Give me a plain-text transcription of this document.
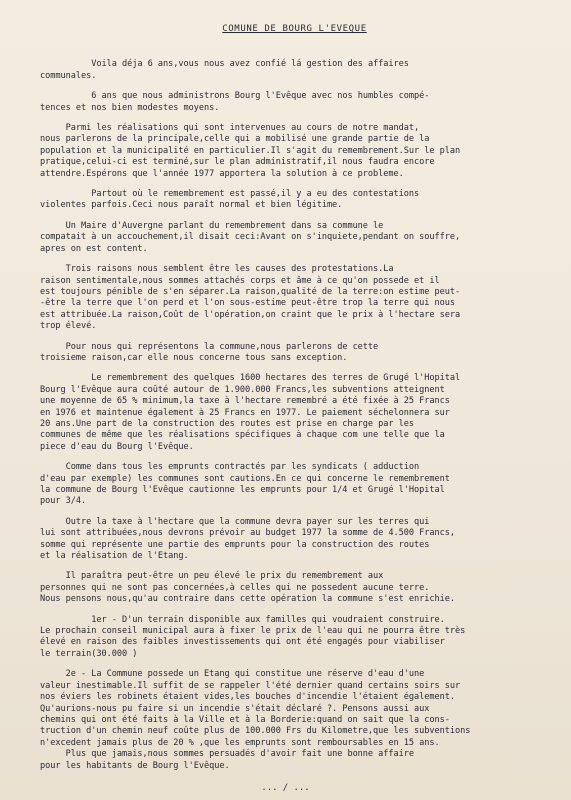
COMUNE DE BOURG L'EVEQUE
Voila déja 6 ans,vous nous avez confié lá gestion des affaires
communales.
6 ans que nous administrons Bourg l'Evêque avec nos humbles compé-
tences et nos bien modestes moyens.
Parmi les réalisations qui sont intervenues au cours de notre mandat,
nous parlerons de la principale,celle qui a mobilisé une grande partie de la
population et la municipalité en particulier.Il s'agit du remembrement.Sur le plan
pratique,celui-ci est terminé,sur le plan administratif,il nous faudra encore
attendre.Espérons que l'année 1977 apportera la solution à ce probleme.
Partout où le remembrement est passé,il y a eu des contestations
violentes parfois.Ceci nous paraît normal et bien légitime.
Un Maire d'Auvergne parlant du remembrement dans sa commune le
compatait à un accouchement,il disait ceci:Avant on s'inquiete,pendant on souffre,
apres on est content.
Trois raisons nous semblent être les causes des protestations.La
raison sentimentale,nous sommes attachés corps et âme à ce qu'on possede et il
est toujours pénible de s'en séparer.La raison,qualité de la terre:on estime peut-
-être la terre que l'on perd et l'on sous-estime peut-être trop la terre qui nous
est attribuée.La raison,Coût de l'opération,on craint que le prix à l'hectare sera
trop élevé.
Pour nous qui représentons la commune,nous parlerons de cette
troisieme raison,car elle nous concerne tous sans exception.
Le remembrement des quelques 1600 hectares des terres de Grugé l'Hopital
Bourg l'Evêque aura coûté autour de 1.900.000 Francs,les subventions atteignent
une moyenne de 65 % minimum,la taxe à l'hectare remembré a été fixée à 25 Francs
en 1976 et maintenue également à 25 Francs en 1977. Le paiement séchelonnera sur
20 ans.Une part de la construction des routes est prise en charge par les
communes de même que les réalisations spécifiques à chaque com une telle que la
piece d'eau du Bourg l'Evêque.
Comme dans tous les emprunts contractés par les syndicats ( adduction
d'eau par exemple) les communes sont cautions.En ce qui concerne le remembrement
la commune de Bourg l'Evêque cautionne les emprunts pour 1/4 et Grugé l'Hopital
pour 3/4.
Outre la taxe à l'hectare que la commune devra payer sur les terres qui
lui sont attribuées,nous devrons prévoir au budget 1977 la somme de 4.500 Francs,
somme qui représente une partie des emprunts pour la construction des routes
et la réalisation de l'Etang.
Il paraîtra peut-être un peu élevé le prix du remembrement aux
personnes qui ne sont pas concernées,à celles qui ne possedent aucune terre.
Nous pensons nous,qu'au contraire dans cette opération la commune s'est enrichie.
1er - D'un terrain disponible aux familles qui voudraient construire.
Le prochain conseil municipal aura à fixer le prix de l'eau qui ne pourra être très
élevé en raison des faibles investissements qui ont été engagés pour viabiliser
le terrain(30.000 )
2e - La Commune possede un Etang qui constitue une réserve d'eau d'une
valeur inestimable.Il suffit de se rappeler l'été dernier quand certains soirs sur
nos éviers les robinets étaient vides,les bouches d'incendie l'étaient également.
Qu'aurions-nous pu faire si un incendie s'était déclaré ?. Pensons aussi aux
chemins qui ont été faits à la Ville et à la Borderie:quand on sait que la cons-
truction d'un chemin neuf coûte plus de 100.000 Frs du Kilometre,que les subventions
n'excedent jamais plus de 20 % ,que les emprunts sont remboursables en 15 ans.
Plus que jamais,nous sommes persuadés d'avoir fait une bonne affaire
pour les habitants de Bourg l'Evêque.
... / ...
